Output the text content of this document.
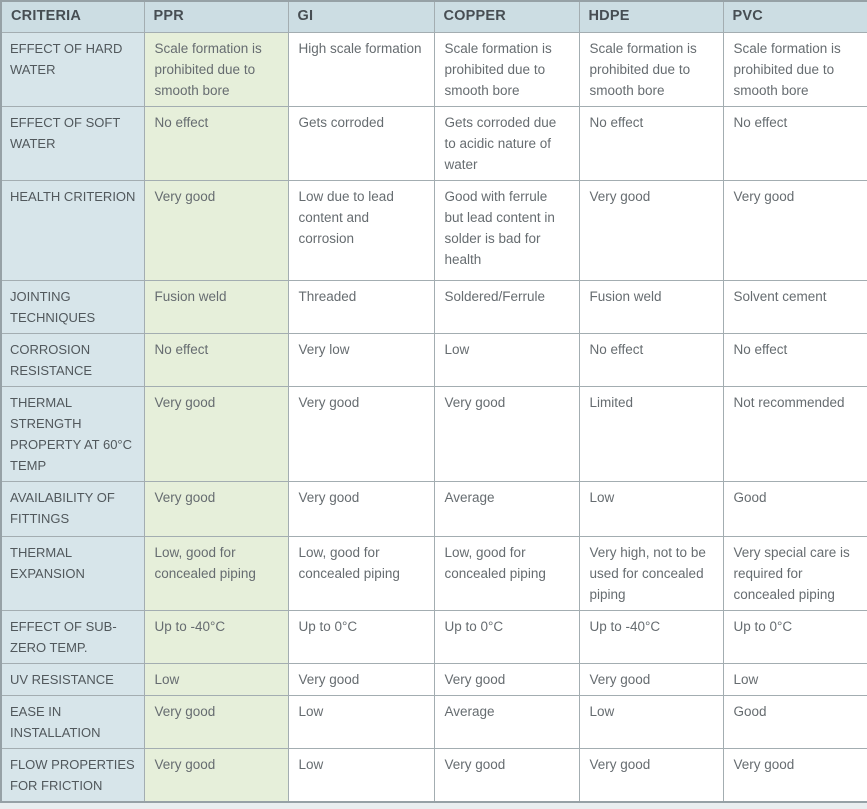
CRITERIA	PPR	GI	COPPER	HDPE	PVC
EFFECT OF HARD WATER	Scale formation is prohibited due to smooth bore	High scale formation	Scale formation is prohibited due to smooth bore	Scale formation is prohibited due to smooth bore	Scale formation is prohibited due to smooth bore
EFFECT OF SOFT WATER	No effect	Gets corroded	Gets corroded due to acidic nature of water	No effect	No effect
HEALTH CRITERION	Very good	Low due to lead content and corrosion	Good with ferrule but lead content in solder is bad for health	Very good	Very good
JOINTING TECHNIQUES	Fusion weld	Threaded	Soldered/Ferrule	Fusion weld	Solvent cement
CORROSION RESISTANCE	No effect	Very low	Low	No effect	No effect
THERMAL STRENGTH PROPERTY AT 60°C TEMP	Very good	Very good	Very good	Limited	Not recommended
AVAILABILITY OF FITTINGS	Very good	Very good	Average	Low	Good
THERMAL EXPANSION	Low, good for concealed piping	Low, good for concealed piping	Low, good for concealed piping	Very high, not to be used for concealed piping	Very special care is required for concealed piping
EFFECT OF SUB-ZERO TEMP.	Up to -40°C	Up to 0°C	Up to 0°C	Up to -40°C	Up to 0°C
UV RESISTANCE	Low	Very good	Very good	Very good	Low
EASE IN INSTALLATION	Very good	Low	Average	Low	Good
FLOW PROPERTIES FOR FRICTION	Very good	Low	Very good	Very good	Very good
